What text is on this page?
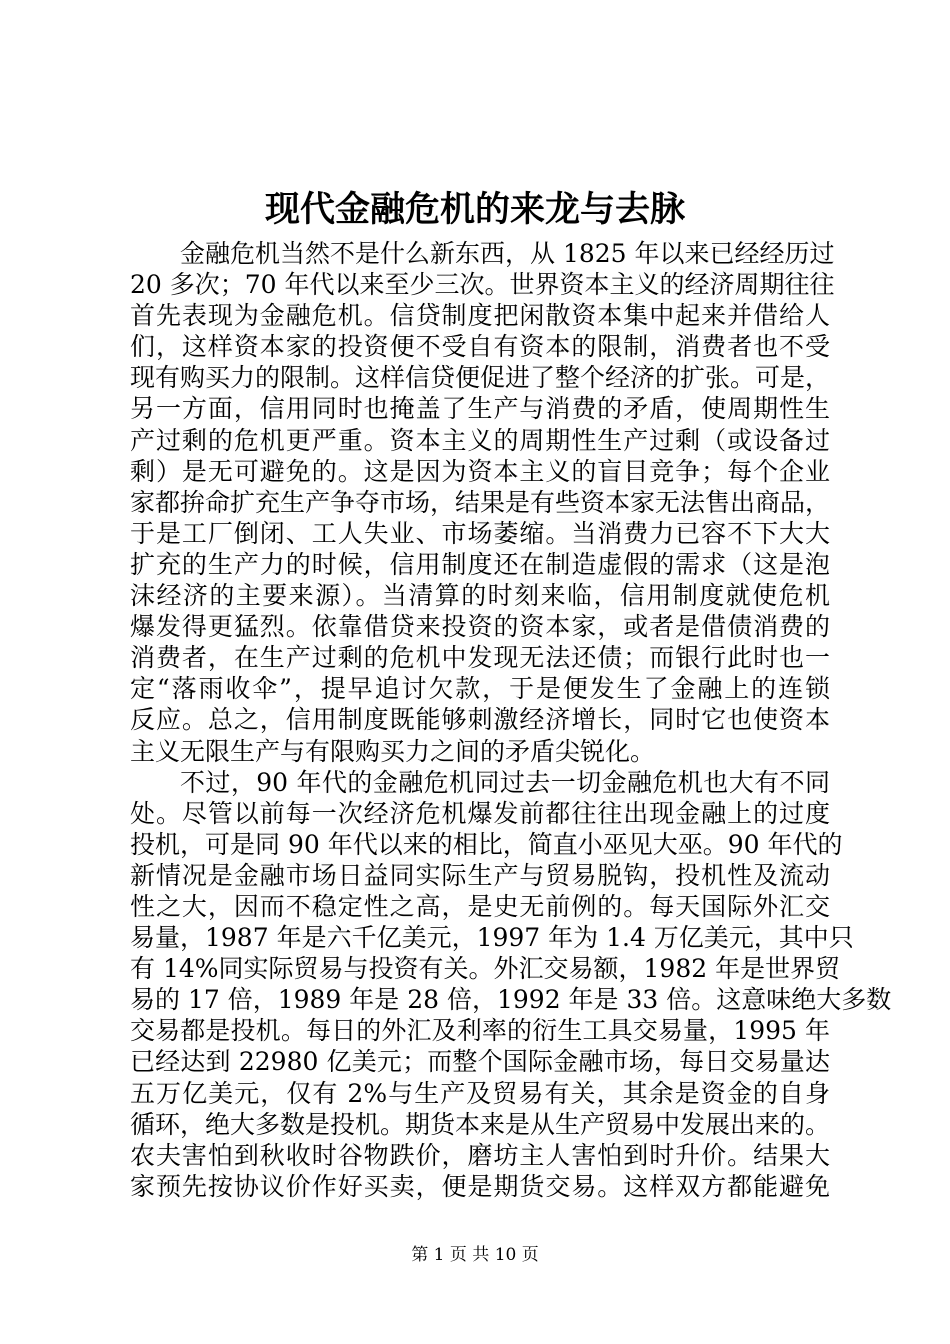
现代金融危机的来龙与去脉
金融危机当然不是什么新东西，从 1825 年以来已经经历过
20 多次；70 年代以来至少三次。世界资本主义的经济周期往往
首先表现为金融危机。信贷制度把闲散资本集中起来并借给人
们，这样资本家的投资便不受自有资本的限制，消费者也不受
现有购买力的限制。这样信贷便促进了整个经济的扩张。可是，
另一方面，信用同时也掩盖了生产与消费的矛盾，使周期性生
产过剩的危机更严重。资本主义的周期性生产过剩（或设备过
剩）是无可避免的。这是因为资本主义的盲目竞争；每个企业
家都拚命扩充生产争夺市场，结果是有些资本家无法售出商品，
于是工厂倒闭、工人失业、市场萎缩。当消费力已容不下大大
扩充的生产力的时候，信用制度还在制造虚假的需求（这是泡
沫经济的主要来源）。当清算的时刻来临，信用制度就使危机
爆发得更猛烈。依靠借贷来投资的资本家，或者是借债消费的
消费者，在生产过剩的危机中发现无法还债；而银行此时也一
定“落雨收伞”，提早追讨欠款，于是便发生了金融上的连锁
反应。总之，信用制度既能够刺激经济增长，同时它也使资本
主义无限生产与有限购买力之间的矛盾尖锐化。
不过，90 年代的金融危机同过去一切金融危机也大有不同
处。尽管以前每一次经济危机爆发前都往往出现金融上的过度
投机，可是同 90 年代以来的相比，简直小巫见大巫。90 年代的
新情况是金融市场日益同实际生产与贸易脱钩，投机性及流动
性之大，因而不稳定性之高，是史无前例的。每天国际外汇交
易量，1987 年是六千亿美元，1997 年为 1.4 万亿美元，其中只
有 14%同实际贸易与投资有关。外汇交易额，1982 年是世界贸
易的 17 倍，1989 年是 28 倍，1992 年是 33 倍。这意味绝大多数
交易都是投机。每日的外汇及利率的衍生工具交易量，1995 年
已经达到 22980 亿美元；而整个国际金融市场，每日交易量达
五万亿美元，仅有 2%与生产及贸易有关，其余是资金的自身
循环，绝大多数是投机。期货本来是从生产贸易中发展出来的。
农夫害怕到秋收时谷物跌价，磨坊主人害怕到时升价。结果大
家预先按协议价作好买卖，便是期货交易。这样双方都能避免
第 1 页 共 10 页
